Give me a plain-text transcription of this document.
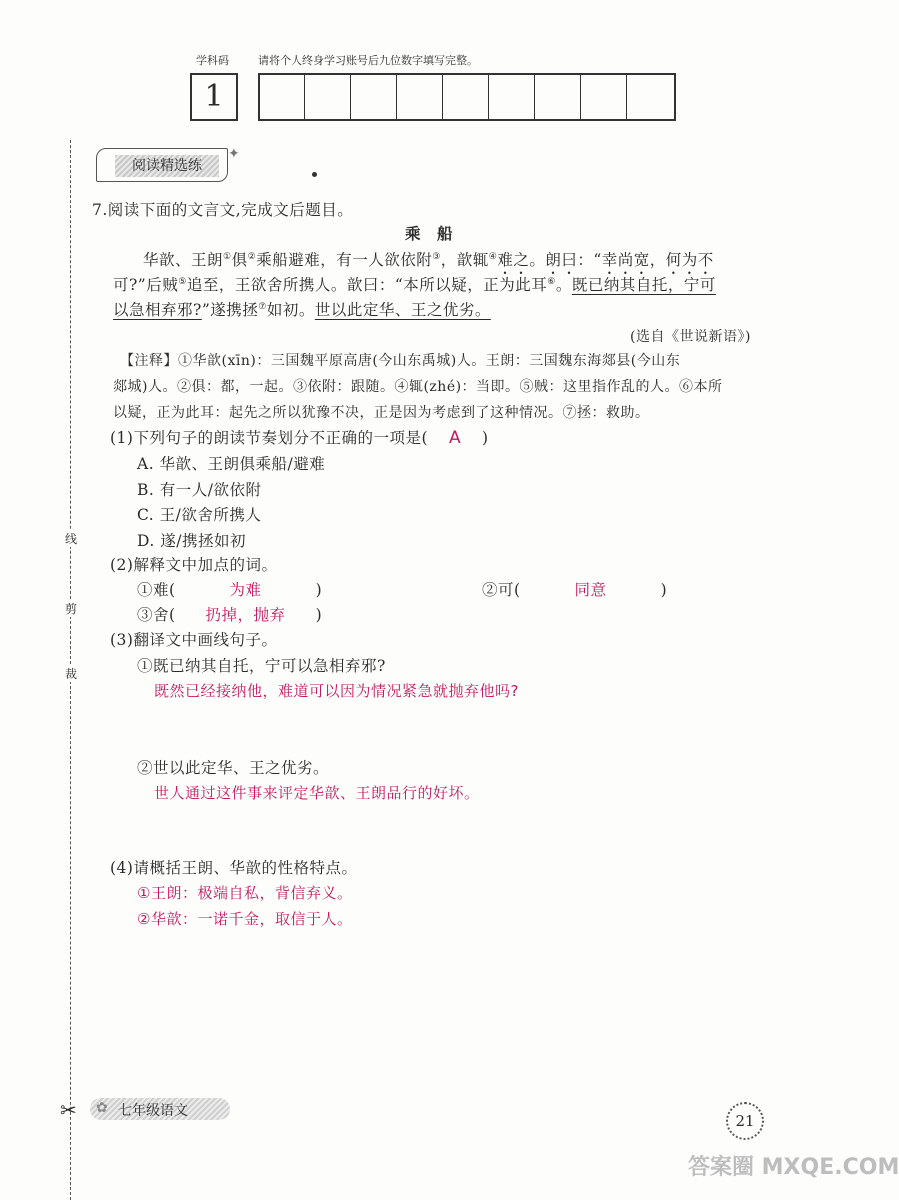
学科码	请将个人终身学习账号后九位数字填写完整。
1
线
剪
裁
✂
阅读精选练
✦
7.阅读下面的文言文,完成文后题目。
乘　船
华歆、王朗①俱②乘船避难，有一人欲依附③，歆辄④难之。朗曰：“幸尚宽，何为不
可?”后贼⑤追至，王欲舍所携人。歆曰：“本所以疑，正为此耳⑥。既已纳其自托，宁可
以急相弃邪?”遂携拯⑦如初。世以此定华、王之优劣。
(选自《世说新语》)
【注释】①华歆(xīn)：三国魏平原高唐(今山东禹城)人。王朗：三国魏东海郯县(今山东
郯城)人。②俱：都，一起。③依附：跟随。④辄(zhé)：当即。⑤贼：这里指作乱的人。⑥本所
以疑，正为此耳：起先之所以犹豫不决，正是因为考虑到了这种情况。⑦拯：救助。
(1)下列句子的朗读节奏划分不正确的一项是( A )
A. 华歆、王朗俱乘船/避难
B. 有一人/欲依附
C. 王/欲舍所携人
D. 遂/携拯如初
(2)解释文中加点的词。
①难(	为难	)	②可(	同意	)
③舍( 扔掉，抛弃 )
(3)翻译文中画线句子。
①既已纳其自托，宁可以急相弃邪?
既然已经接纳他，难道可以因为情况紧急就抛弃他吗?
②世以此定华、王之优劣。
世人通过这件事来评定华歆、王朗品行的好坏。
(4)请概括王朗、华歆的性格特点。
①王朗：极端自私，背信弃义。
②华歆：一诺千金，取信于人。
✿ 七年级语文
21
答案圈 MXQE.COM
